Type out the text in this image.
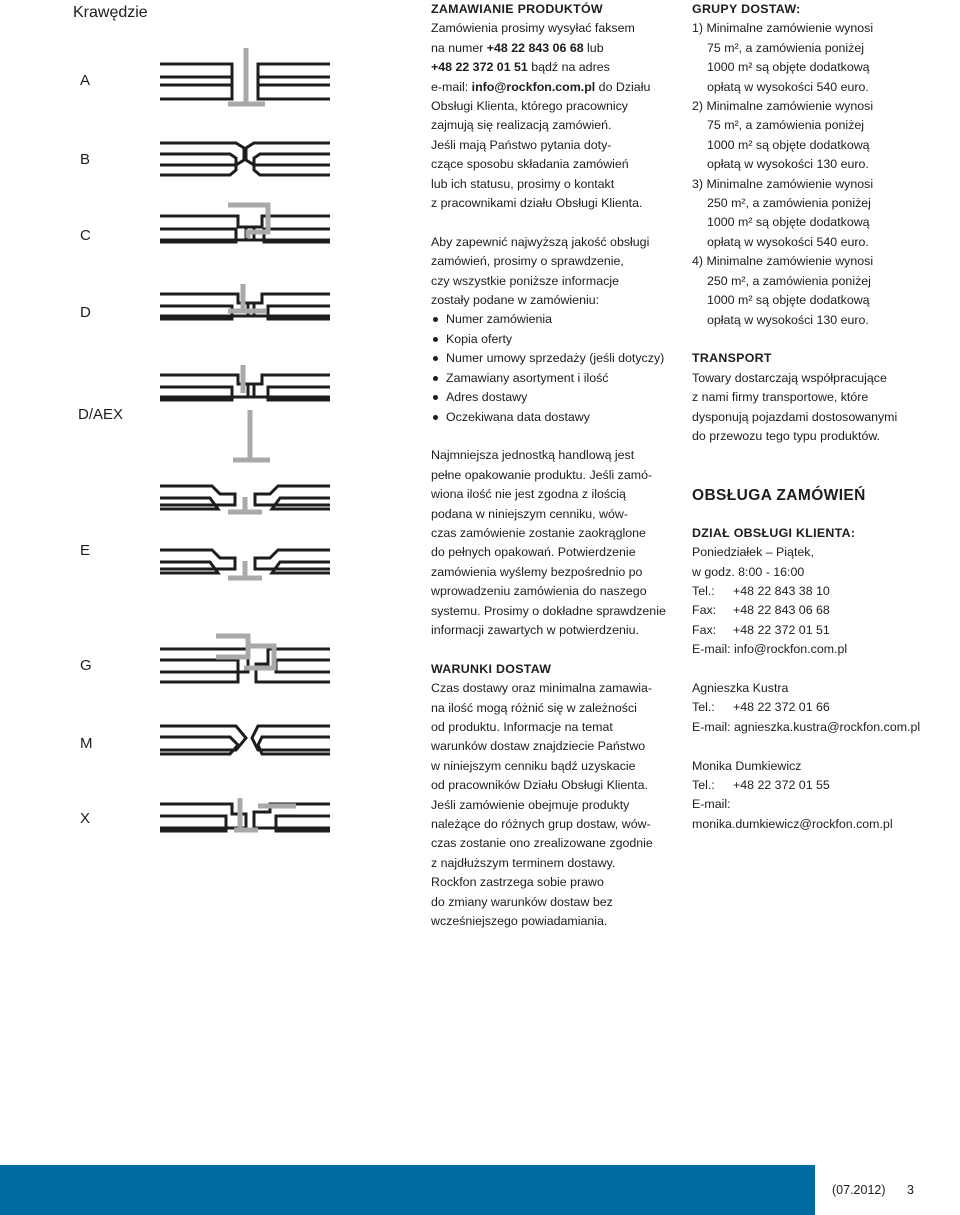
Krawędzie
A
B
C
D
D/AEX
E
G
M
X
ZAMAWIANIE PRODUKTÓW
Zamówienia prosimy wysyłać faksem
na numer +48 22 843 06 68 lub
+48 22 372 01 51 bądź na adres
e-mail: info@rockfon.com.pl do Działu
Obsługi Klienta, którego pracownicy
zajmują się realizacją zamówień.
Jeśli mają Państwo pytania doty-
czące sposobu składania zamówień
lub ich statusu, prosimy o kontakt
z pracownikami działu Obsługi Klienta.
Aby zapewnić najwyższą jakość obsługi
zamówień, prosimy o sprawdzenie,
czy wszystkie poniższe informacje
zostały podane w zamówieniu:
Numer zamówienia
Kopia oferty
Numer umowy sprzedaży (jeśli dotyczy)
Zamawiany asortyment i ilość
Adres dostawy
Oczekiwana data dostawy
Najmniejsza jednostką handlową jest
pełne opakowanie produktu. Jeśli zamó-
wiona ilość nie jest zgodna z ilością
podana w niniejszym cenniku, wów-
czas zamówienie zostanie zaokrąglone
do pełnych opakowań. Potwierdzenie
zamówienia wyślemy bezpośrednio po
wprowadzeniu zamówienia do naszego
systemu. Prosimy o dokładne sprawdzenie
informacji zawartych w potwierdzeniu.
WARUNKI DOSTAW
Czas dostawy oraz minimalna zamawia-
na ilość mogą różnić się w zależności
od produktu. Informacje na temat
warunków dostaw znajdziecie Państwo
w niniejszym cenniku bądź uzyskacie
od pracowników Działu Obsługi Klienta.
Jeśli zamówienie obejmuje produkty
należące do różnych grup dostaw, wów-
czas zostanie ono zrealizowane zgodnie
z najdłuższym terminem dostawy.
Rockfon zastrzega sobie prawo
do zmiany warunków dostaw bez
wcześniejszego powiadamiania.
GRUPY DOSTAW:
1) Minimalne zamówienie wynosi
75 m², a zamówienia poniżej
1000 m² są objęte dodatkową
opłatą w wysokości 540 euro.
2) Minimalne zamówienie wynosi
75 m², a zamówienia poniżej
1000 m² są objęte dodatkową
opłatą w wysokości 130 euro.
3) Minimalne zamówienie wynosi
250 m², a zamówienia poniżej
1000 m² są objęte dodatkową
opłatą w wysokości 540 euro.
4) Minimalne zamówienie wynosi
250 m², a zamówienia poniżej
1000 m² są objęte dodatkową
opłatą w wysokości 130 euro.
TRANSPORT
Towary dostarczają współpracujące
z nami firmy transportowe, które
dysponują pojazdami dostosowanymi
do przewozu tego typu produktów.
OBSŁUGA ZAMÓWIEŃ
DZIAŁ OBSŁUGI KLIENTA:
Poniedziałek – Piątek,
w godz. 8:00 - 16:00
Tel.:	+48 22 843 38 10
Fax:	+48 22 843 06 68
Fax:	+48 22 372 01 51
E-mail: info@rockfon.com.pl
Agnieszka Kustra
Tel.:	+48 22 372 01 66
E-mail: agnieszka.kustra@rockfon.com.pl
Monika Dumkiewicz
Tel.:	+48 22 372 01 55
E-mail:
monika.dumkiewicz@rockfon.com.pl
(07.2012) 3
